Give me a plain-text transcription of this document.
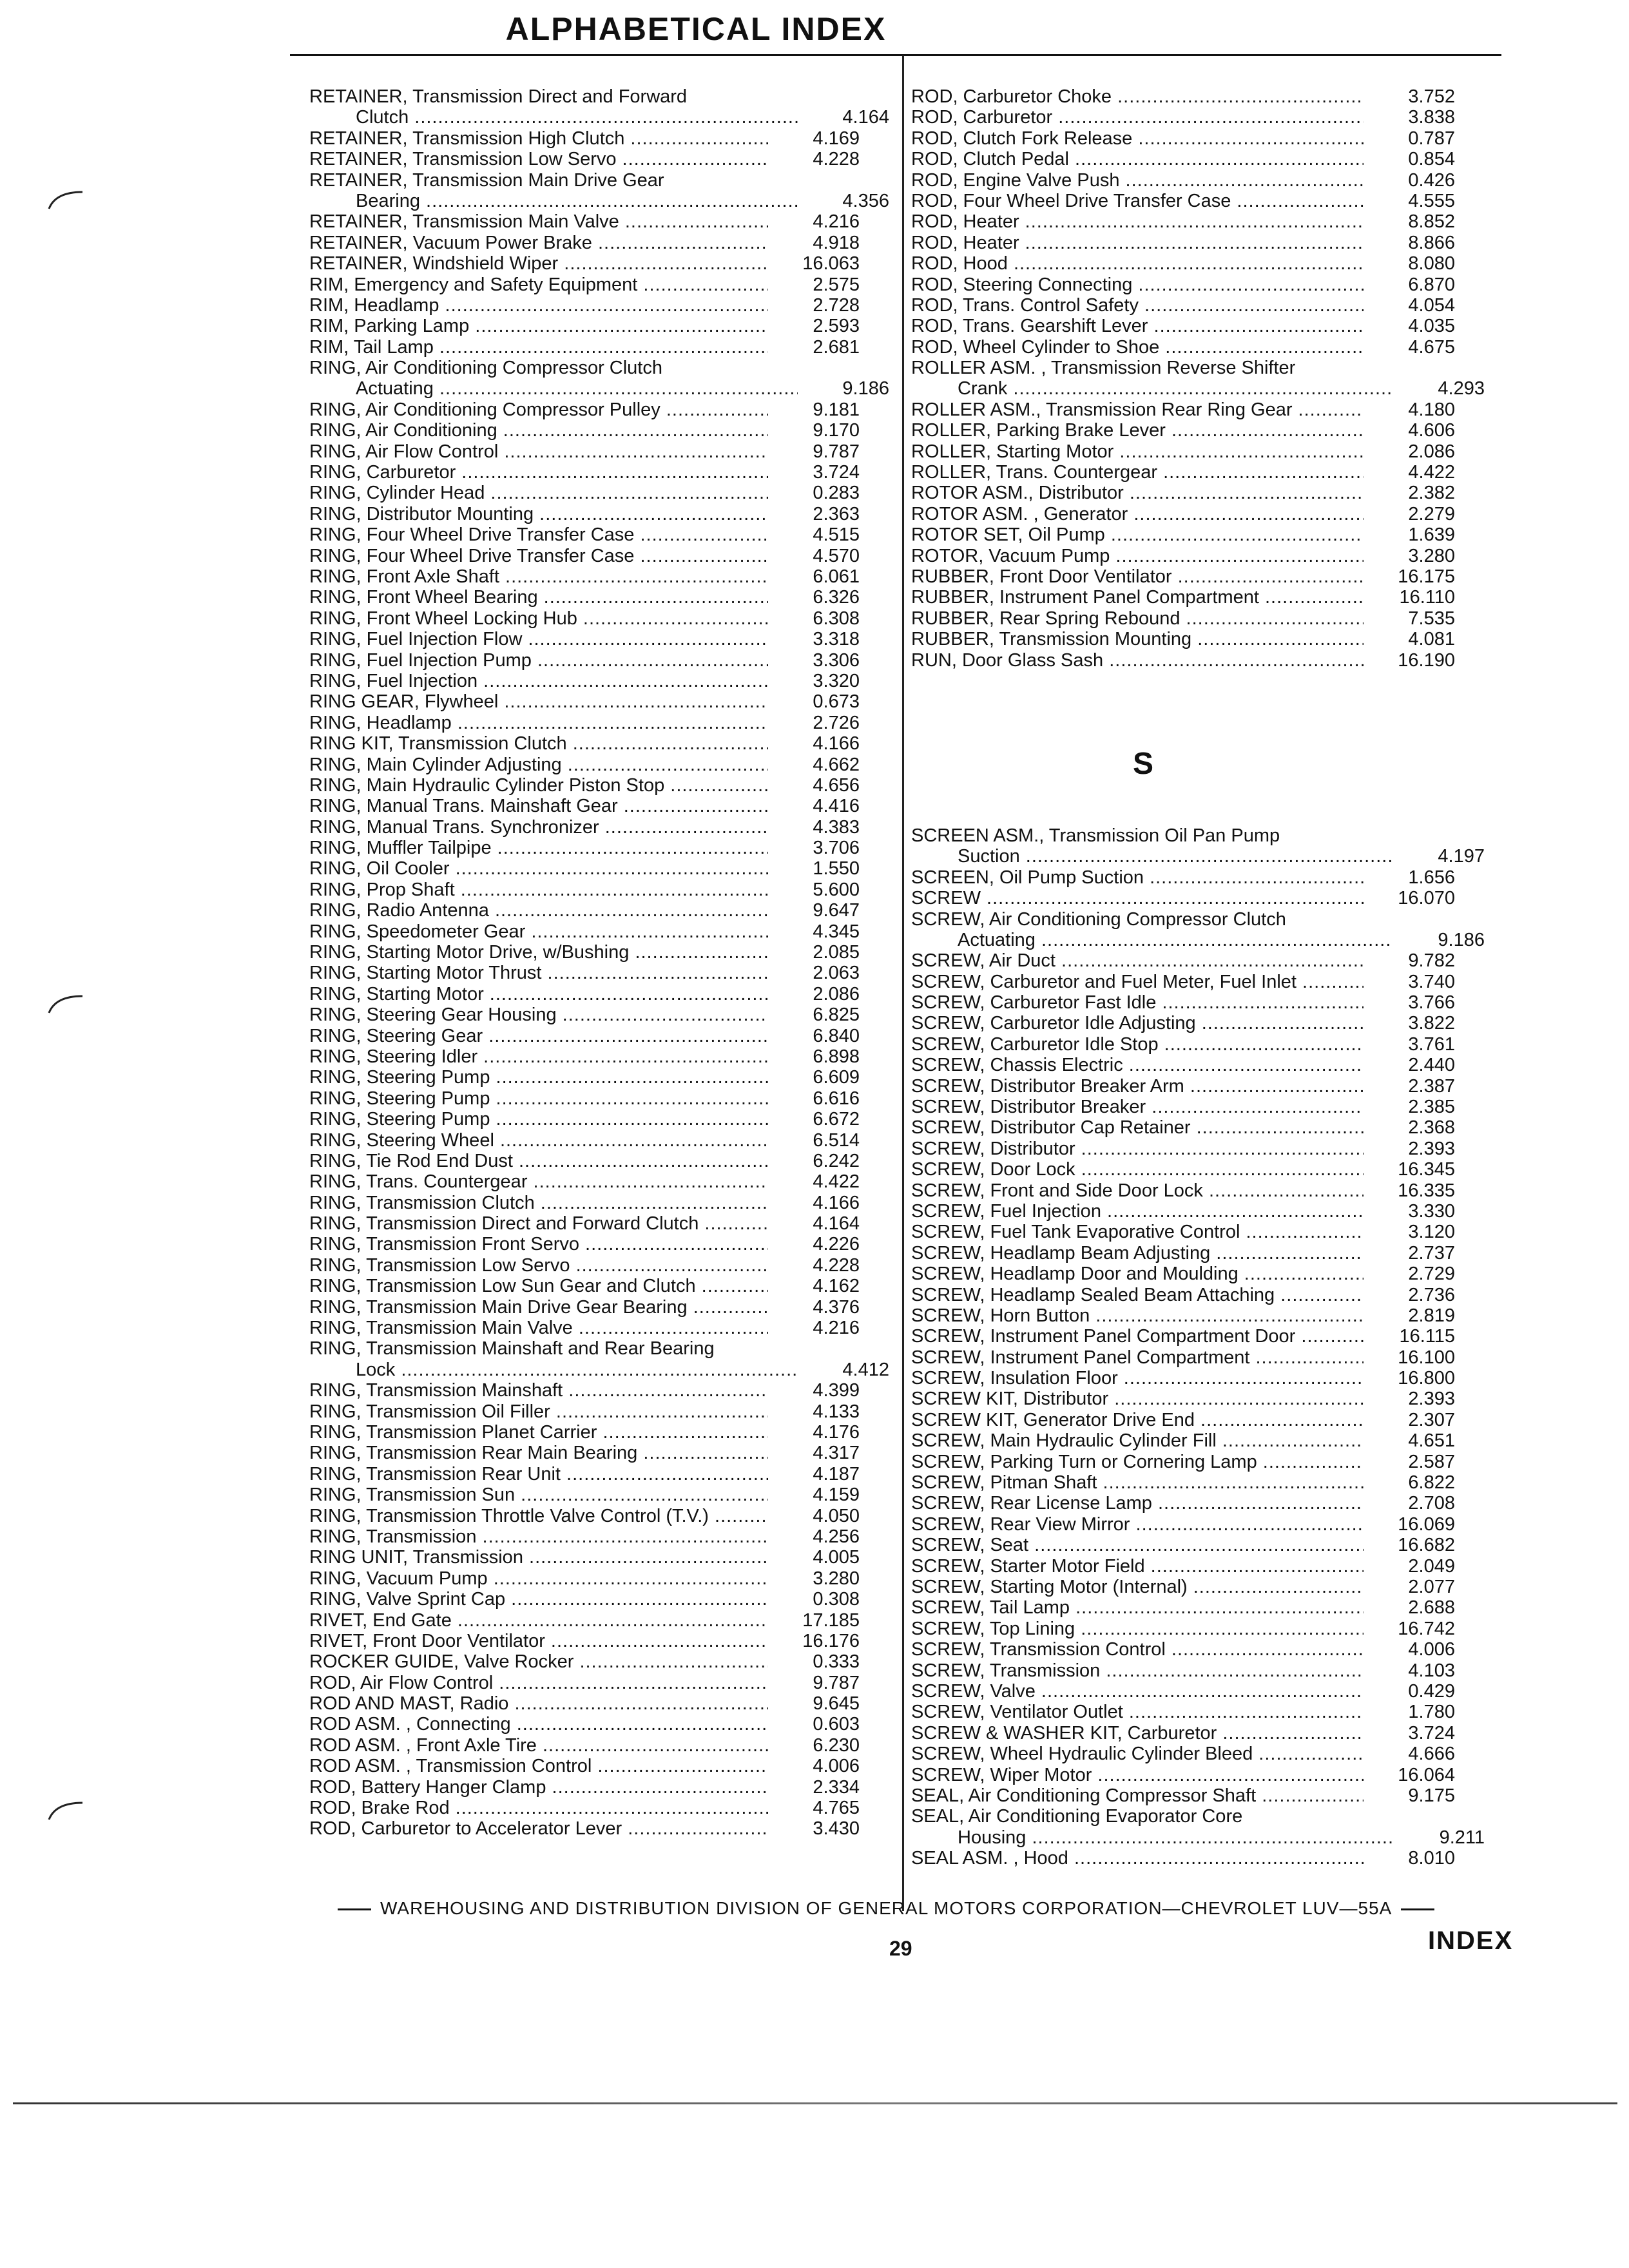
ALPHABETICAL INDEX
RETAINER, Transmission Direct and Forward
Clutch .....	4.164
RETAINER, Transmission High Clutch .....	4.169
RETAINER, Transmission Low Servo .....	4.228
RETAINER, Transmission Main Drive Gear
Bearing .....	4.356
RETAINER, Transmission Main Valve .....	4.216
RETAINER, Vacuum Power Brake .....	4.918
RETAINER, Windshield Wiper .....	16.063
RIM, Emergency and Safety Equipment .....	2.575
RIM, Headlamp .....	2.728
RIM, Parking Lamp .....	2.593
RIM, Tail Lamp .....	2.681
RING, Air Conditioning Compressor Clutch
Actuating .....	9.186
RING, Air Conditioning Compressor Pulley .....	9.181
RING, Air Conditioning .....	9.170
RING, Air Flow Control .....	9.787
RING, Carburetor .....	3.724
RING, Cylinder Head .....	0.283
RING, Distributor Mounting .....	2.363
RING, Four Wheel Drive Transfer Case .....	4.515
RING, Four Wheel Drive Transfer Case .....	4.570
RING, Front Axle Shaft .....	6.061
RING, Front Wheel Bearing .....	6.326
RING, Front Wheel Locking Hub .....	6.308
RING, Fuel Injection Flow .....	3.318
RING, Fuel Injection Pump .....	3.306
RING, Fuel Injection .....	3.320
RING GEAR, Flywheel .....	0.673
RING, Headlamp .....	2.726
RING KIT, Transmission Clutch .....	4.166
RING, Main Cylinder Adjusting .....	4.662
RING, Main Hydraulic Cylinder Piston Stop .....	4.656
RING, Manual Trans. Mainshaft Gear .....	4.416
RING, Manual Trans. Synchronizer .....	4.383
RING, Muffler Tailpipe .....	3.706
RING, Oil Cooler .....	1.550
RING, Prop Shaft .....	5.600
RING, Radio Antenna .....	9.647
RING, Speedometer Gear .....	4.345
RING, Starting Motor Drive, w/Bushing .....	2.085
RING, Starting Motor Thrust .....	2.063
RING, Starting Motor .....	2.086
RING, Steering Gear Housing .....	6.825
RING, Steering Gear .....	6.840
RING, Steering Idler .....	6.898
RING, Steering Pump .....	6.609
RING, Steering Pump .....	6.616
RING, Steering Pump .....	6.672
RING, Steering Wheel .....	6.514
RING, Tie Rod End Dust .....	6.242
RING, Trans. Countergear .....	4.422
RING, Transmission Clutch .....	4.166
RING, Transmission Direct and Forward Clutch .....	4.164
RING, Transmission Front Servo .....	4.226
RING, Transmission Low Servo .....	4.228
RING, Transmission Low Sun Gear and Clutch .....	4.162
RING, Transmission Main Drive Gear Bearing .....	4.376
RING, Transmission Main Valve .....	4.216
RING, Transmission Mainshaft and Rear Bearing
Lock .....	4.412
RING, Transmission Mainshaft .....	4.399
RING, Transmission Oil Filler .....	4.133
RING, Transmission Planet Carrier .....	4.176
RING, Transmission Rear Main Bearing .....	4.317
RING, Transmission Rear Unit .....	4.187
RING, Transmission Sun .....	4.159
RING, Transmission Throttle Valve Control (T.V.) .....	4.050
RING, Transmission .....	4.256
RING UNIT, Transmission .....	4.005
RING, Vacuum Pump .....	3.280
RING, Valve Sprint Cap .....	0.308
RIVET, End Gate .....	17.185
RIVET, Front Door Ventilator .....	16.176
ROCKER GUIDE, Valve Rocker .....	0.333
ROD, Air Flow Control .....	9.787
ROD AND MAST, Radio .....	9.645
ROD ASM. , Connecting .....	0.603
ROD ASM. , Front Axle Tire .....	6.230
ROD ASM. , Transmission Control .....	4.006
ROD, Battery Hanger Clamp .....	2.334
ROD, Brake Rod .....	4.765
ROD, Carburetor to Accelerator Lever .....	3.430
ROD, Carburetor Choke .....	3.752
ROD, Carburetor .....	3.838
ROD, Clutch Fork Release .....	0.787
ROD, Clutch Pedal .....	0.854
ROD, Engine Valve Push .....	0.426
ROD, Four Wheel Drive Transfer Case .....	4.555
ROD, Heater .....	8.852
ROD, Heater .....	8.866
ROD, Hood .....	8.080
ROD, Steering Connecting .....	6.870
ROD, Trans. Control Safety .....	4.054
ROD, Trans. Gearshift Lever .....	4.035
ROD, Wheel Cylinder to Shoe .....	4.675
ROLLER ASM. , Transmission Reverse Shifter
Crank .....	4.293
ROLLER ASM., Transmission Rear Ring Gear .....	4.180
ROLLER, Parking Brake Lever .....	4.606
ROLLER, Starting Motor .....	2.086
ROLLER, Trans. Countergear .....	4.422
ROTOR ASM., Distributor .....	2.382
ROTOR ASM. , Generator .....	2.279
ROTOR SET, Oil Pump .....	1.639
ROTOR, Vacuum Pump .....	3.280
RUBBER, Front Door Ventilator .....	16.175
RUBBER, Instrument Panel Compartment .....	16.110
RUBBER, Rear Spring Rebound .....	7.535
RUBBER, Transmission Mounting .....	4.081
RUN, Door Glass Sash .....	16.190
S
SCREEN ASM., Transmission Oil Pan Pump
Suction .....	4.197
SCREEN, Oil Pump Suction .....	1.656
SCREW .....	16.070
SCREW, Air Conditioning Compressor Clutch
Actuating .....	9.186
SCREW, Air Duct .....	9.782
SCREW, Carburetor and Fuel Meter, Fuel Inlet .....	3.740
SCREW, Carburetor Fast Idle .....	3.766
SCREW, Carburetor Idle Adjusting .....	3.822
SCREW, Carburetor Idle Stop .....	3.761
SCREW, Chassis Electric .....	2.440
SCREW, Distributor Breaker Arm .....	2.387
SCREW, Distributor Breaker .....	2.385
SCREW, Distributor Cap Retainer .....	2.368
SCREW, Distributor .....	2.393
SCREW, Door Lock .....	16.345
SCREW, Front and Side Door Lock .....	16.335
SCREW, Fuel Injection .....	3.330
SCREW, Fuel Tank Evaporative Control .....	3.120
SCREW, Headlamp Beam Adjusting .....	2.737
SCREW, Headlamp Door and Moulding .....	2.729
SCREW, Headlamp Sealed Beam Attaching .....	2.736
SCREW, Horn Button .....	2.819
SCREW, Instrument Panel Compartment Door .....	16.115
SCREW, Instrument Panel Compartment .....	16.100
SCREW, Insulation Floor .....	16.800
SCREW KIT, Distributor .....	2.393
SCREW KIT, Generator Drive End .....	2.307
SCREW, Main Hydraulic Cylinder Fill .....	4.651
SCREW, Parking Turn or Cornering Lamp .....	2.587
SCREW, Pitman Shaft .....	6.822
SCREW, Rear License Lamp .....	2.708
SCREW, Rear View Mirror .....	16.069
SCREW, Seat .....	16.682
SCREW, Starter Motor Field .....	2.049
SCREW, Starting Motor (Internal) .....	2.077
SCREW, Tail Lamp .....	2.688
SCREW, Top Lining .....	16.742
SCREW, Transmission Control .....	4.006
SCREW, Transmission .....	4.103
SCREW, Valve .....	0.429
SCREW, Ventilator Outlet .....	1.780
SCREW & WASHER KIT, Carburetor .....	3.724
SCREW, Wheel Hydraulic Cylinder Bleed .....	4.666
SCREW, Wiper Motor .....	16.064
SEAL, Air Conditioning Compressor Shaft .....	9.175
SEAL, Air Conditioning Evaporator Core
Housing .....	9.211
SEAL ASM. , Hood .....	8.010
WAREHOUSING AND DISTRIBUTION DIVISION OF GENERAL MOTORS CORPORATION—CHEVROLET LUV—55A
29	INDEX
